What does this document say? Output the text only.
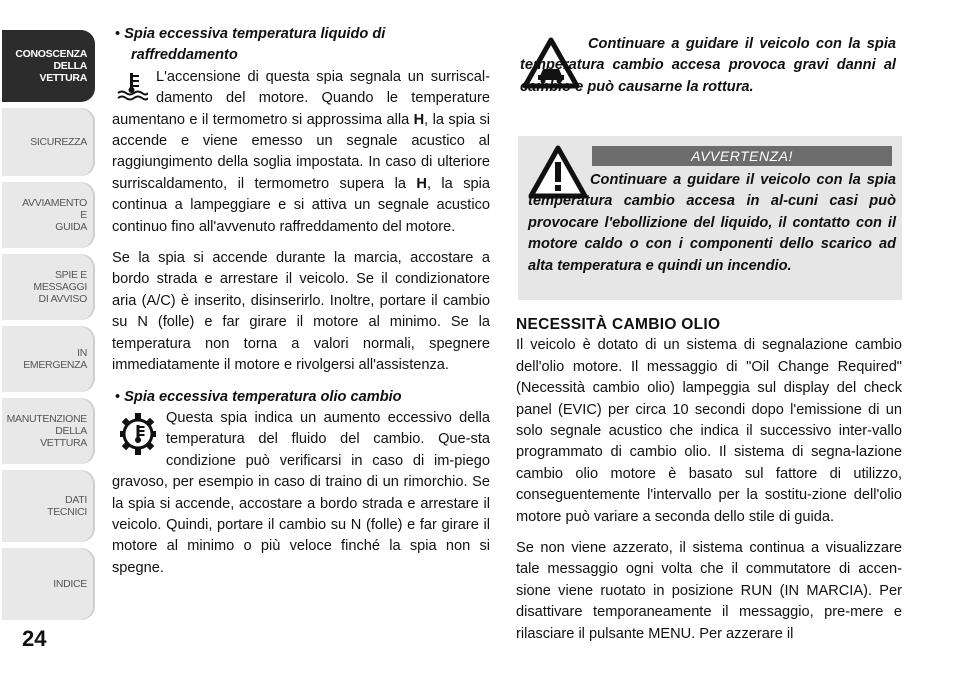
CONOSCENZA
DELLA
VETTURA
SICUREZZA
AVVIAMENTO
E
GUIDA
SPIE E
MESSAGGI
DI AVVISO
IN
EMERGENZA
MANUTENZIONE
DELLA
VETTURA
DATI
TECNICI
INDICE
24

• Spia eccessiva temperatura liquido di
raffreddamento

L'accensione di questa spia segnala un surriscal-damento del motore. Quando le temperature aumentano e il termometro si approssima alla H, la spia si accende e viene emesso un segnale acustico al raggiungimento della soglia impostata. In caso di ulteriore surriscaldamento, il termometro supera la H, la spia continua a lampeggiare e si attiva un segnale acustico continuo fino all'avvenuto raffreddamento del motore.

Se la spia si accende durante la marcia, accostare a bordo strada e arrestare il veicolo. Se il condizionatore aria (A/C) è inserito, disinserirlo. Inoltre, portare il cambio su N (folle) e far girare il motore al minimo. Se la temperatura non torna a valori normali, spegnere immediatamente il motore e rivolgersi all'assistenza.

• Spia eccessiva temperatura olio cambio

Questa spia indica un aumento eccessivo della temperatura del fluido del cambio. Que-sta condizione può verificarsi in caso di im-piego gravoso, per esempio in caso di traino di un rimorchio. Se la spia si accende, accostare a bordo strada e arrestare il veicolo. Quindi, portare il cambio su N (folle) e far girare il motore al minimo o più veloce finché la spia non si spegne.

Continuare a guidare il veicolo con la spia temperatura cambio accesa provoca gravi danni al cambio e può causarne la rottura.

AVVERTENZA!

Continuare a guidare il veicolo con la spia temperatura cambio accesa in al-cuni casi può provocare l'ebollizione del liquido, il contatto con il motore caldo o con i componenti dello scarico ad alta temperatura e quindi un incendio.

NECESSITÀ CAMBIO OLIO

Il veicolo è dotato di un sistema di segnalazione cambio dell'olio motore. Il messaggio di "Oil Change Required" (Necessità cambio olio) lampeggia sul display del check panel (EVIC) per circa 10 secondi dopo l'emissione di un solo segnale acustico che indica il successivo inter-vallo programmato di cambio olio. Il sistema di segna-lazione cambio olio motore è basato sul fattore di utilizzo, conseguentemente l'intervallo per la sostitu-zione dell'olio motore può variare a seconda dello stile di guida.

Se non viene azzerato, il sistema continua a visualizzare tale messaggio ogni volta che il commutatore di accen-sione viene ruotato in posizione RUN (IN MARCIA). Per disattivare temporaneamente il messaggio, pre-mere e rilasciare il pulsante MENU. Per azzerare il
